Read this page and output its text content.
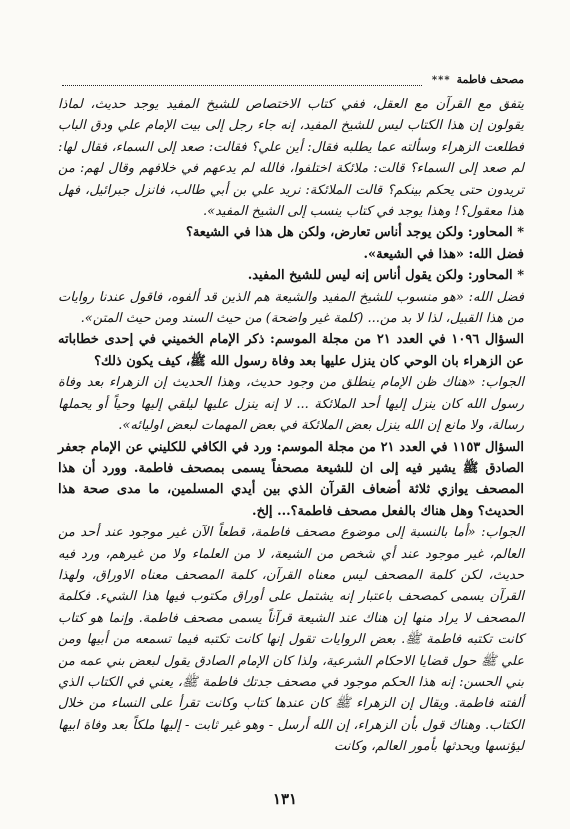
مصحف فاطمة
***

يتفق مع القرآن مع العقل، ففي كتاب الاختصاص للشيخ المفيد يوجد حديث، لماذا يقولون إن هذا الكتاب ليس للشيخ المفيد، إنه جاء رجل إلى بيت الإمام علي ودق الباب فطلعت الزهراء وسألته عما يطلبه فقال: أين علي؟ فقالت: صعد إلى السماء، فقال لها: لم صعد إلى السماء؟ قالت: ملائكة اختلفوا، فالله لم يدعهم في خلافهم وقال لهم: من تريدون حتى يحكم بينكم؟ قالت الملائكة: نريد علي بن أبي طالب، فانزل جبرائيل، فهل هذا معقول؟! وهذا يوجد في كتاب ينسب إلى الشيخ المفيد».

* المحاور: ولكن يوجد أناس تعارض، ولكن هل هذا في الشيعة؟

فضل الله: «هذا في الشيعة».

* المحاور: ولكن يقول أناس إنه ليس للشيخ المفيد.

فضل الله: «هو منسوب للشيخ المفيد والشيعة هم الذين قد ألفوه، فاقول عندنا روايات من هذا القبيل، لذا لا بد من... (كلمة غير واضحة) من حيث السند ومن حيث المتن».

السؤال ١٠٩٦ في العدد ٢١ من مجلة الموسم: ذكر الإمام الخميني في إحدى خطاباته عن الزهراء بان الوحي كان ينزل عليها بعد وفاة رسول الله ﷺ، كيف يكون ذلك؟

الجواب: «هناك ظن الإمام ينطلق من وجود حديث، وهذا الحديث إن الزهراء بعد وفاة رسول الله كان ينزل إليها أحد الملائكة ... لا إنه ينزل عليها ليلقي إليها وحياً أو يحملها رسالة، ولا مانع إن الله ينزل بعض الملائكة في بعض المهمات لبعض اوليائه».

السؤال ١١٥٣ في العدد ٢١ من مجلة الموسم: ورد في الكافي للكليني عن الإمام جعفر الصادق ﷺ يشير فيه إلى ان للشيعة مصحفاً يسمى بمصحف فاطمة. وورد أن هذا المصحف يوازي ثلاثة أضعاف القرآن الذي بين أيدي المسلمين، ما مدى صحة هذا الحديث؟ وهل هناك بالفعل مصحف فاطمة؟... إلخ.

الجواب: «أما بالنسبة إلى موضوع مصحف فاطمة، قطعاً الآن غير موجود عند أحد من العالم، غير موجود عند أي شخص من الشيعة، لا من العلماء ولا من غيرهم، ورد فيه حديث، لكن كلمة المصحف ليس معناه القرآن، كلمة المصحف معناه الاوراق، ولهذا القرآن يسمى كمصحف باعتبار إنه يشتمل على أوراق مكتوب فيها هذا الشيء. فكلمة المصحف لا يراد منها إن هناك عند الشيعة قرآناً يسمى مصحف فاطمة. وإنما هو كتاب كانت تكتبه فاطمة ﷺ. بعض الروايات تقول إنها كانت تكتبه فيما تسمعه من أبيها ومن علي ﷺ حول قضايا الاحكام الشرعية، ولذا كان الإمام الصادق يقول لبعض بني عمه من بني الحسن: إنه هذا الحكم موجود في مصحف جدتك فاطمة ﷺ، يعني في الكتاب الذي ألفته فاطمة. ويقال إن الزهراء ﷺ كان عندها كتاب وكانت تقرأ على النساء من خلال الكتاب. وهناك قول بأن الزهراء، إن الله أرسل - وهو غير ثابت - إليها ملكاً بعد وفاة ابيها ليؤنسها ويحدثها بأمور العالم، وكانت

١٣١
